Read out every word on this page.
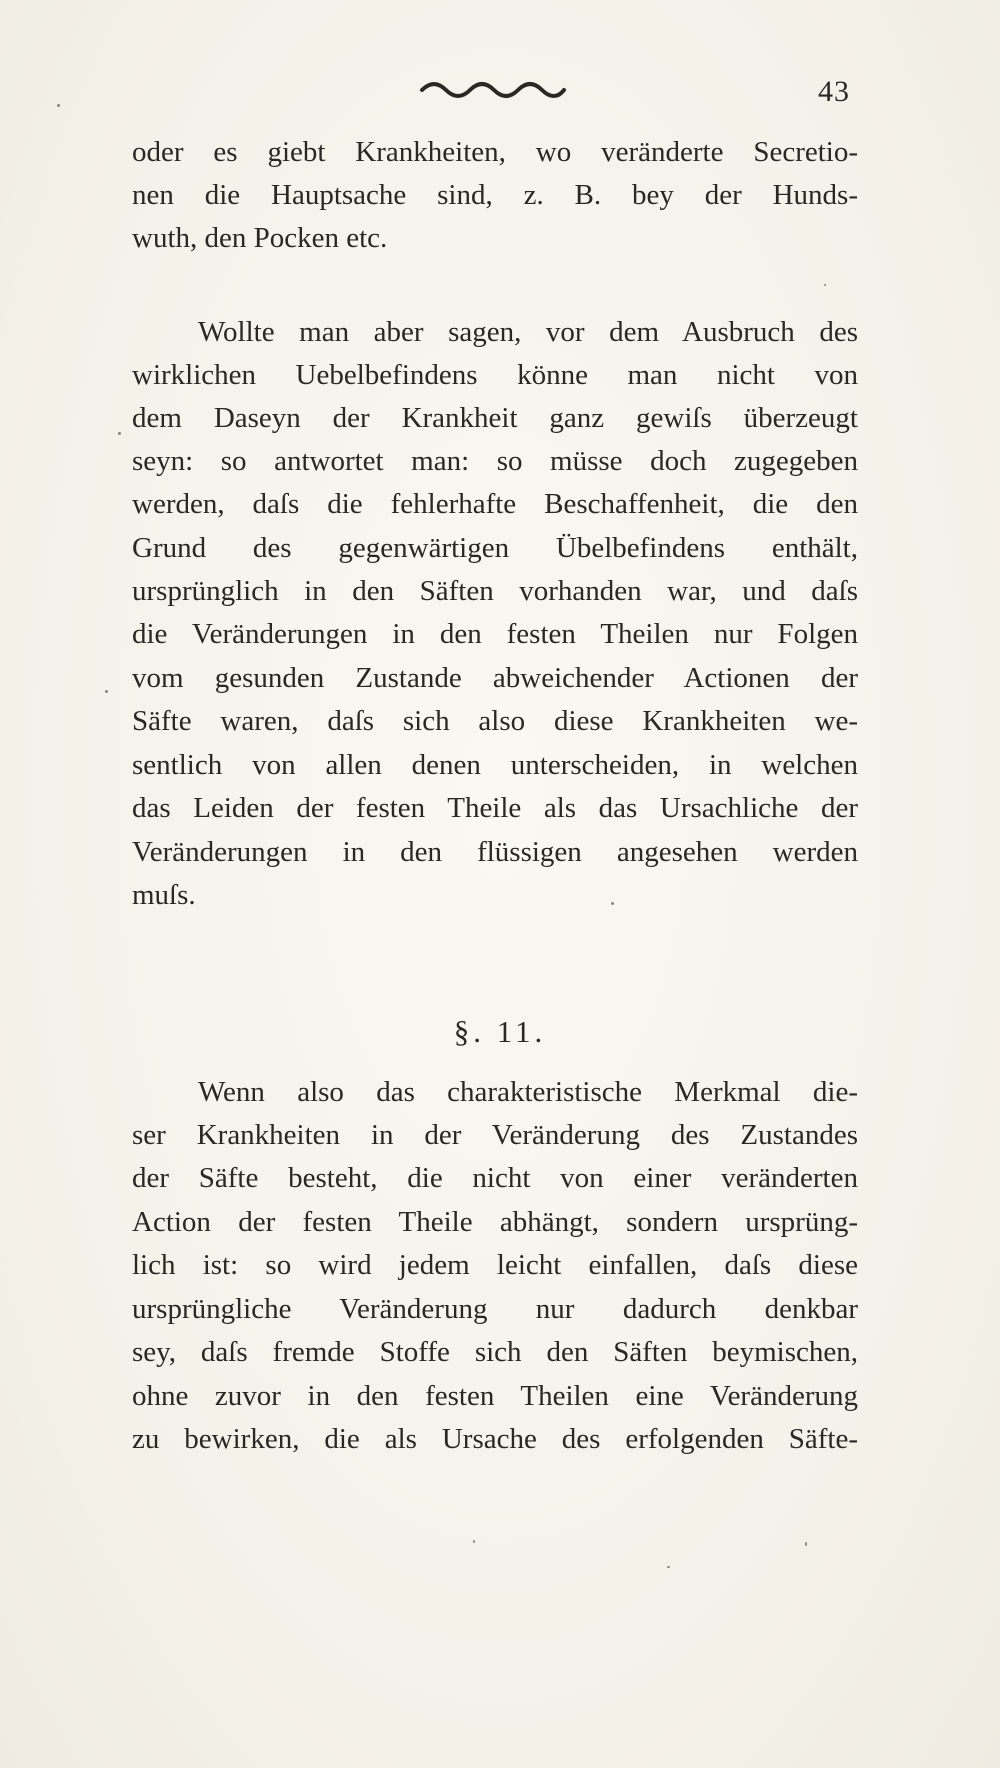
43
oder es giebt Krankheiten, wo veränderte Secretio-
nen die Hauptsache sind, z. B. bey der Hunds-
wuth, den Pocken etc.
Wollte man aber sagen, vor dem Ausbruch des
wirklichen Uebelbefindens könne man nicht von
dem Daseyn der Krankheit ganz gewiſs überzeugt
seyn: so antwortet man: so müsse doch zugegeben
werden, daſs die fehlerhafte Beschaffenheit, die den
Grund des gegenwärtigen Übelbefindens enthält,
ursprünglich in den Säften vorhanden war, und daſs
die Veränderungen in den festen Theilen nur Folgen
vom gesunden Zustande abweichender Actionen der
Säfte waren, daſs sich also diese Krankheiten we-
sentlich von allen denen unterscheiden, in welchen
das Leiden der festen Theile als das Ursachliche der
Veränderungen in den flüssigen angesehen werden
muſs.
§. 11.
Wenn also das charakteristische Merkmal die-
ser Krankheiten in der Veränderung des Zustandes
der Säfte besteht, die nicht von einer veränderten
Action der festen Theile abhängt, sondern ursprüng-
lich ist: so wird jedem leicht einfallen, daſs diese
ursprüngliche Veränderung nur dadurch denkbar
sey, daſs fremde Stoffe sich den Säften beymischen,
ohne zuvor in den festen Theilen eine Veränderung
zu bewirken, die als Ursache des erfolgenden Säfte-
